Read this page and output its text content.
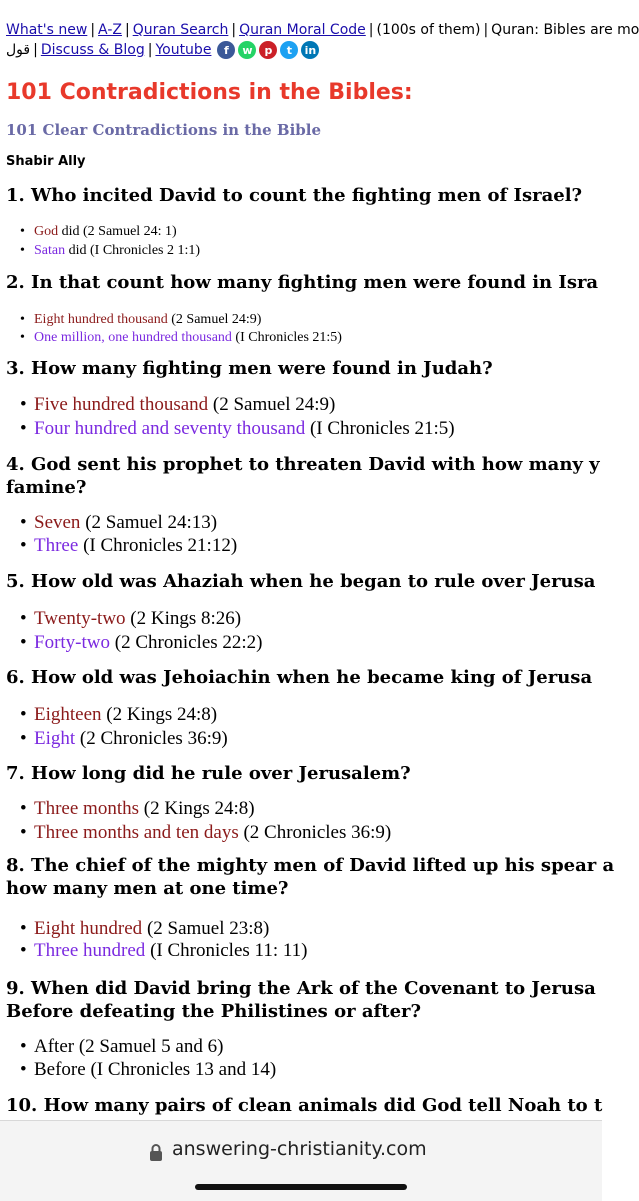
What's new | A-Z | Quran Search | Quran Moral Code | (100s of them) | Quran: Bibles are mo
قول | Discuss & Blog | Youtube	f	w	p	t	in
101 Contradictions in the Bibles:
101 Clear Contradictions in the Bible
Shabir Ally
1. Who incited David to count the fighting men of Israel?
• God did (2 Samuel 24: 1)
• Satan did (I Chronicles 2 1:1)
2. In that count how many fighting men were found in Isra
• Eight hundred thousand (2 Samuel 24:9)
• One million, one hundred thousand (I Chronicles 21:5)
3. How many fighting men were found in Judah?
• Five hundred thousand (2 Samuel 24:9)
• Four hundred and seventy thousand (I Chronicles 21:5)
4. God sent his prophet to threaten David with how many y
famine?
• Seven (2 Samuel 24:13)
• Three (I Chronicles 21:12)
5. How old was Ahaziah when he began to rule over Jerusa
• Twenty-two (2 Kings 8:26)
• Forty-two (2 Chronicles 22:2)
6. How old was Jehoiachin when he became king of Jerusa
• Eighteen (2 Kings 24:8)
• Eight (2 Chronicles 36:9)
7. How long did he rule over Jerusalem?
• Three months (2 Kings 24:8)
• Three months and ten days (2 Chronicles 36:9)
8. The chief of the mighty men of David lifted up his spear a
how many men at one time?
• Eight hundred (2 Samuel 23:8)
• Three hundred (I Chronicles 11: 11)
9. When did David bring the Ark of the Covenant to Jerusa
Before defeating the Philistines or after?
• After (2 Samuel 5 and 6)
• Before (I Chronicles 13 and 14)
10. How many pairs of clean animals did God tell Noah to t
answering-christianity.com
